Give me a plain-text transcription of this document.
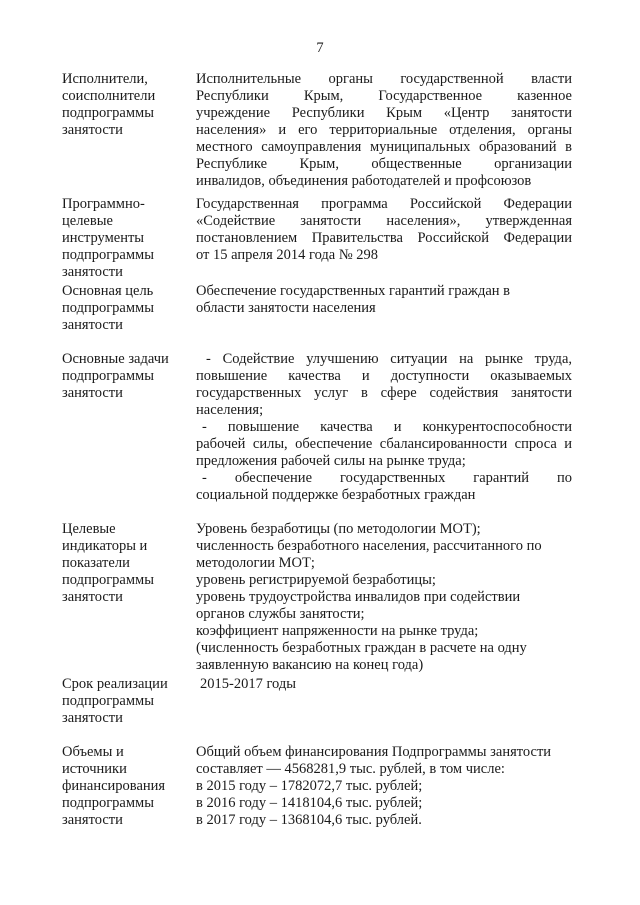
7
Исполнители,
соисполнители
подпрограммы
занятости
Исполнительные органы государственной власти
Республики Крым, Государственное казенное
учреждение Республики Крым «Центр занятости
населения» и его территориальные отделения, органы
местного самоуправления муниципальных образований в
Республике Крым, общественные организации
инвалидов, объединения работодателей и профсоюзов
Программно-
целевые
инструменты
подпрограммы
занятости
Государственная программа Российской Федерации
«Содействие занятости населения», утвержденная
постановлением Правительства Российской Федерации
от 15 апреля 2014 года № 298
Основная цель
подпрограммы
занятости
Обеспечение государственных гарантий граждан в
области занятости населения
Основные задачи
подпрограммы
занятости
- Содействие улучшению ситуации на рынке труда,
повышение качества и доступности оказываемых
государственных услуг в сфере содействия занятости
населения;
- повышение качества и конкурентоспособности
рабочей силы, обеспечение сбалансированности спроса и
предложения рабочей силы на рынке труда;
- обеспечение государственных гарантий по
социальной поддержке безработных граждан
Целевые
индикаторы и
показатели
подпрограммы
занятости
Уровень безработицы (по методологии МОТ);
численность безработного населения, рассчитанного по
методологии МОТ;
уровень регистрируемой безработицы;
уровень трудоустройства инвалидов при содействии
органов службы занятости;
коэффициент напряженности на рынке труда;
(численность безработных граждан в расчете на одну
заявленную вакансию на конец года)
Срок реализации
подпрограммы
занятости
2015-2017 годы
Объемы и
источники
финансирования
подпрограммы
занятости
Общий объем финансирования Подпрограммы занятости
составляет — 4568281,9 тыс. рублей, в том числе:
в 2015 году – 1782072,7 тыс. рублей;
в 2016 году – 1418104,6 тыс. рублей;
в 2017 году – 1368104,6 тыс. рублей.
